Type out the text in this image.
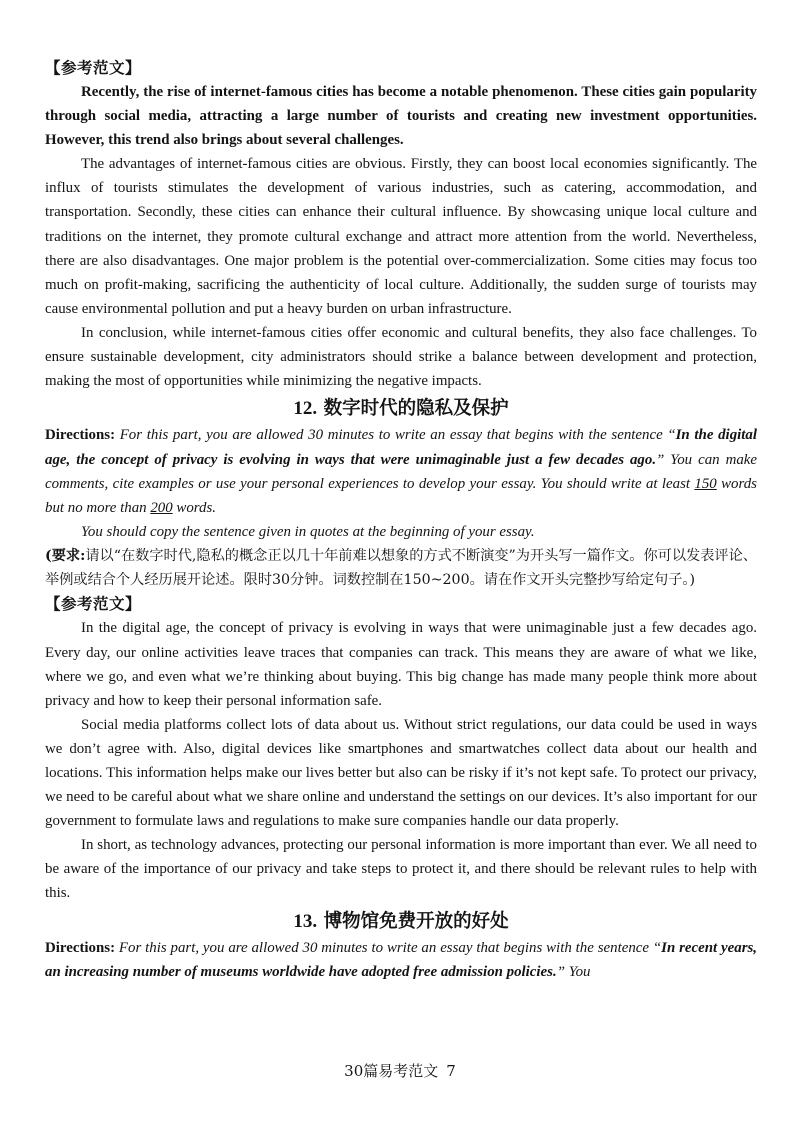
【参考范文】

Recently, the rise of internet-famous cities has become a notable phenomenon. These cities gain popularity through social media, attracting a large number of tourists and creating new investment opportunities. However, this trend also brings about several challenges.

The advantages of internet-famous cities are obvious. Firstly, they can boost local economies significantly. The influx of tourists stimulates the development of various industries, such as catering, accommodation, and transportation. Secondly, these cities can enhance their cultural influence. By showcasing unique local culture and traditions on the internet, they promote cultural exchange and attract more attention from the world. Nevertheless, there are also disadvantages. One major problem is the potential over-commercialization. Some cities may focus too much on profit-making, sacrificing the authenticity of local culture. Additionally, the sudden surge of tourists may cause environmental pollution and put a heavy burden on urban infrastructure.

In conclusion, while internet-famous cities offer economic and cultural benefits, they also face challenges. To ensure sustainable development, city administrators should strike a balance between development and protection, making the most of opportunities while minimizing the negative impacts.

12. 数字时代的隐私及保护

Directions: For this part, you are allowed 30 minutes to write an essay that begins with the sentence “In the digital age, the concept of privacy is evolving in ways that were unimaginable just a few decades ago.” You can make comments, cite examples or use your personal experiences to develop your essay. You should write at least 150 words but no more than 200 words.

You should copy the sentence given in quotes at the beginning of your essay.

(要求:请以“在数字时代,隐私的概念正以几十年前难以想象的方式不断演变”为开头写一篇作文。你可以发表评论、举例或结合个人经历展开论述。限时30分钟。词数控制在150~200。请在作文开头完整抄写给定句子。)

【参考范文】

In the digital age, the concept of privacy is evolving in ways that were unimaginable just a few decades ago. Every day, our online activities leave traces that companies can track. This means they are aware of what we like, where we go, and even what we’re thinking about buying. This big change has made many people think more about privacy and how to keep their personal information safe.

Social media platforms collect lots of data about us. Without strict regulations, our data could be used in ways we don’t agree with. Also, digital devices like smartphones and smartwatches collect data about our health and locations. This information helps make our lives better but also can be risky if it’s not kept safe. To protect our privacy, we need to be careful about what we share online and understand the settings on our devices. It’s also important for our government to formulate laws and regulations to make sure companies handle our data properly.

In short, as technology advances, protecting our personal information is more important than ever. We all need to be aware of the importance of our privacy and take steps to protect it, and there should be relevant rules to help with this.

13. 博物馆免费开放的好处

Directions: For this part, you are allowed 30 minutes to write an essay that begins with the sentence “In recent years, an increasing number of museums worldwide have adopted free admission policies.” You

30篇易考范文 7
